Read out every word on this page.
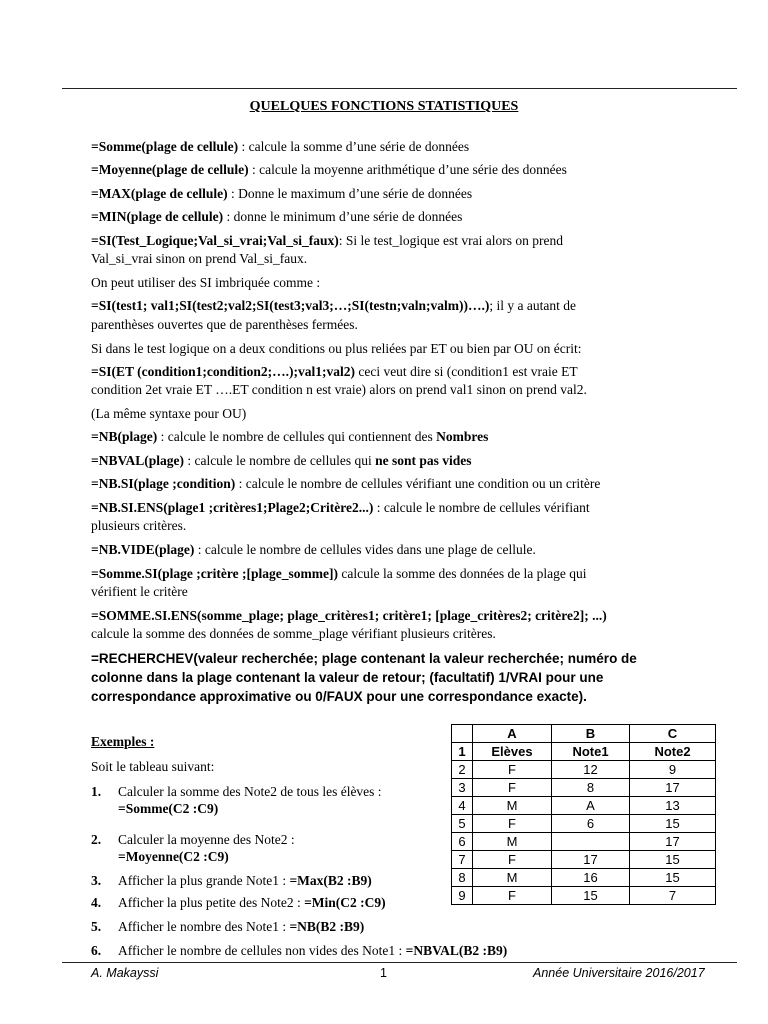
QUELQUES FONCTIONS STATISTIQUES
=Somme(plage de cellule) : calcule la somme d’une série de données
=Moyenne(plage de cellule) : calcule la moyenne arithmétique d’une série des données
=MAX(plage de cellule) : Donne le maximum d’une série de données
=MIN(plage de cellule) : donne le minimum d’une série de données
=SI(Test_Logique;Val_si_vrai;Val_si_faux): Si le test_logique est vrai alors on prend
Val_si_vrai sinon on prend Val_si_faux.
On peut utiliser des SI imbriquée comme :
=SI(test1; val1;SI(test2;val2;SI(test3;val3;…;SI(testn;valn;valm))….); il y a autant de
parenthèses ouvertes que de parenthèses fermées.
Si dans le test logique on a deux conditions ou plus reliées par ET ou bien par OU on écrit:
=SI(ET (condition1;condition2;….);val1;val2) ceci veut dire si (condition1 est vraie ET
condition 2et vraie ET ….ET condition n est vraie) alors on prend val1 sinon on prend val2.
(La même syntaxe pour OU)
=NB(plage) : calcule le nombre de cellules qui contiennent des Nombres
=NBVAL(plage) : calcule le nombre de cellules qui ne sont pas vides
=NB.SI(plage ;condition) : calcule le nombre de cellules vérifiant une condition ou un critère
=NB.SI.ENS(plage1 ;critères1;Plage2;Critère2...) : calcule le nombre de cellules vérifiant
plusieurs critères.
=NB.VIDE(plage) : calcule le nombre de cellules vides dans une plage de cellule.
=Somme.SI(plage ;critère ;[plage_somme]) calcule la somme des données de la plage qui
vérifient le critère
=SOMME.SI.ENS(somme_plage; plage_critères1; critère1; [plage_critères2; critère2]; ...)
calcule la somme des données de somme_plage vérifiant plusieurs critères.
=RECHERCHEV(valeur recherchée; plage contenant la valeur recherchée; numéro de
colonne dans la plage contenant la valeur de retour; (facultatif) 1/VRAI pour une
correspondance approximative ou 0/FAUX pour une correspondance exacte).
Exemples :
Soit le tableau suivant:
1. Calculer la somme des Note2 de tous les élèves :
=Somme(C2 :C9)
2. Calculer la moyenne des Note2 :
=Moyenne(C2 :C9)
3. Afficher la plus grande Note1 : =Max(B2 :B9)
4. Afficher la plus petite des Note2 : =Min(C2 :C9)
5. Afficher le nombre des Note1 : =NB(B2 :B9)
6. Afficher le nombre de cellules non vides des Note1 : =NBVAL(B2 :B9)
	A	B	C
1	Elèves	Note1	Note2
2	F	12	9
3	F	8	17
4	M	A	13
5	F	6	15
6	M		17
7	F	17	15
8	M	16	15
9	F	15	7
A. Makayssi	1	Année Universitaire 2016/2017
